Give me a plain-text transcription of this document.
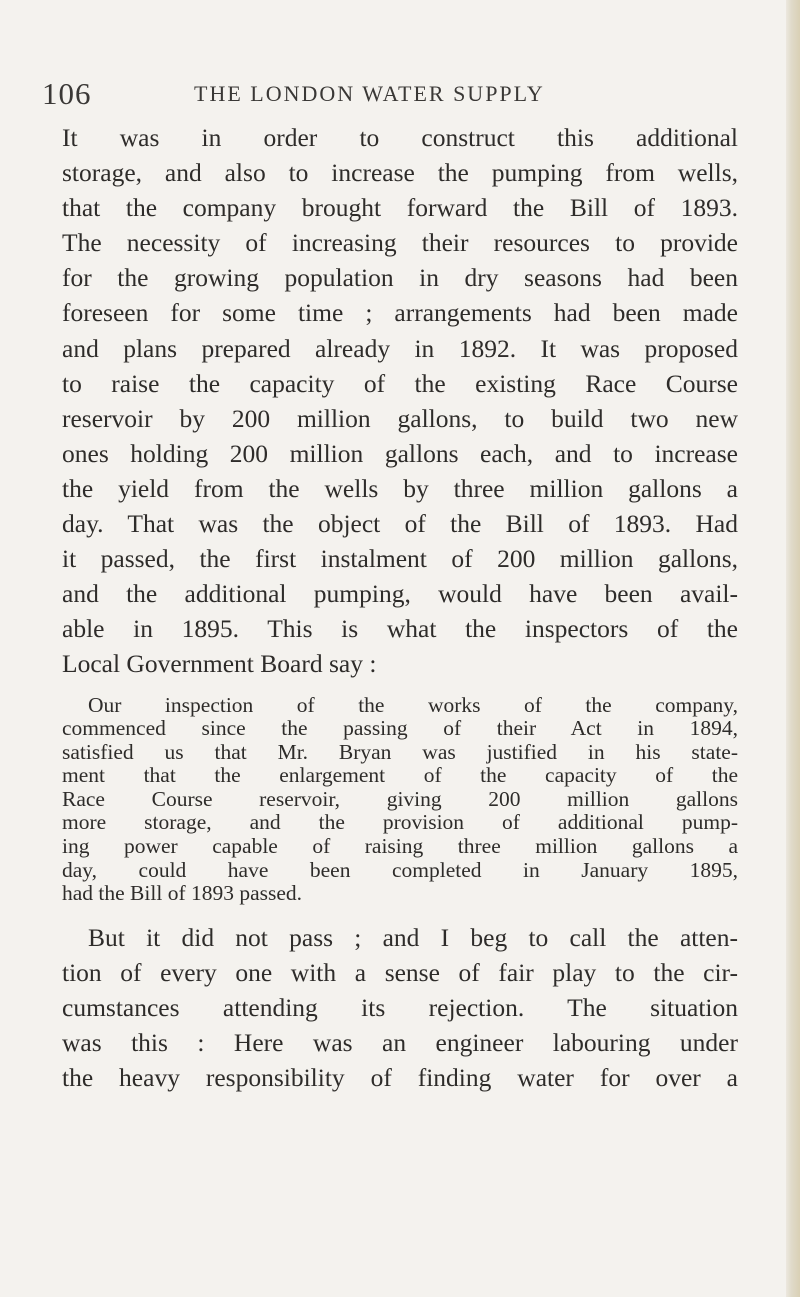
106	THE LONDON WATER SUPPLY
It was in order to construct this additional
storage, and also to increase the pumping from wells,
that the company brought forward the Bill of 1893.
The necessity of increasing their resources to provide
for the growing population in dry seasons had been
foreseen for some time ; arrangements had been made
and plans prepared already in 1892. It was proposed
to raise the capacity of the existing Race Course
reservoir by 200 million gallons, to build two new
ones holding 200 million gallons each, and to increase
the yield from the wells by three million gallons a
day. That was the object of the Bill of 1893. Had
it passed, the first instalment of 200 million gallons,
and the additional pumping, would have been avail-
able in 1895. This is what the inspectors of the
Local Government Board say :
Our inspection of the works of the company,
commenced since the passing of their Act in 1894,
satisfied us that Mr. Bryan was justified in his state-
ment that the enlargement of the capacity of the
Race Course reservoir, giving 200 million gallons
more storage, and the provision of additional pump-
ing power capable of raising three million gallons a
day, could have been completed in January 1895,
had the Bill of 1893 passed.
But it did not pass ; and I beg to call the atten-
tion of every one with a sense of fair play to the cir-
cumstances attending its rejection. The situation
was this : Here was an engineer labouring under
the heavy responsibility of finding water for over a
